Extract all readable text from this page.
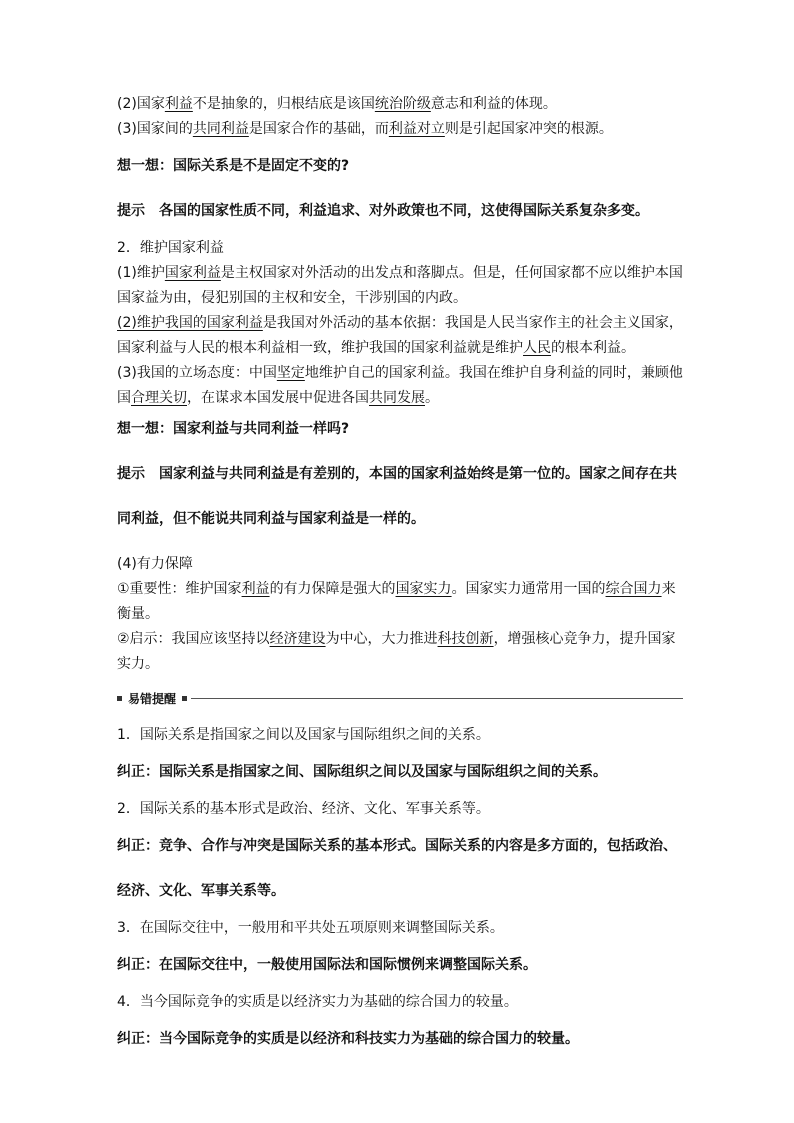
(2)国家利益不是抽象的，归根结底是该国统治阶级意志和利益的体现。
(3)国家间的共同利益是国家合作的基础，而利益对立则是引起国家冲突的根源。
想一想：国际关系是不是固定不变的?
提示 各国的国家性质不同，利益追求、对外政策也不同，这使得国际关系复杂多变。
2．维护国家利益
(1)维护国家利益是主权国家对外活动的出发点和落脚点。但是，任何国家都不应以维护本国
国家益为由，侵犯别国的主权和安全，干涉别国的内政。
(2)维护我国的国家利益是我国对外活动的基本依据：我国是人民当家作主的社会主义国家，
国家利益与人民的根本利益相一致，维护我国的国家利益就是维护人民的根本利益。
(3)我国的立场态度：中国坚定地维护自己的国家利益。我国在维护自身利益的同时，兼顾他
国合理关切，在谋求本国发展中促进各国共同发展。
想一想：国家利益与共同利益一样吗?
提示 国家利益与共同利益是有差别的，本国的国家利益始终是第一位的。国家之间存在共
同利益，但不能说共同利益与国家利益是一样的。
(4)有力保障
①重要性：维护国家利益的有力保障是强大的国家实力。国家实力通常用一国的综合国力来
衡量。
②启示：我国应该坚持以经济建设为中心，大力推进科技创新，增强核心竞争力，提升国家
实力。
易错提醒
1．国际关系是指国家之间以及国家与国际组织之间的关系。
纠正：国际关系是指国家之间、国际组织之间以及国家与国际组织之间的关系。
2．国际关系的基本形式是政治、经济、文化、军事关系等。
纠正：竞争、合作与冲突是国际关系的基本形式。国际关系的内容是多方面的，包括政治、
经济、文化、军事关系等。
3．在国际交往中，一般用和平共处五项原则来调整国际关系。
纠正：在国际交往中，一般使用国际法和国际惯例来调整国际关系。
4．当今国际竞争的实质是以经济实力为基础的综合国力的较量。
纠正：当今国际竞争的实质是以经济和科技实力为基础的综合国力的较量。
